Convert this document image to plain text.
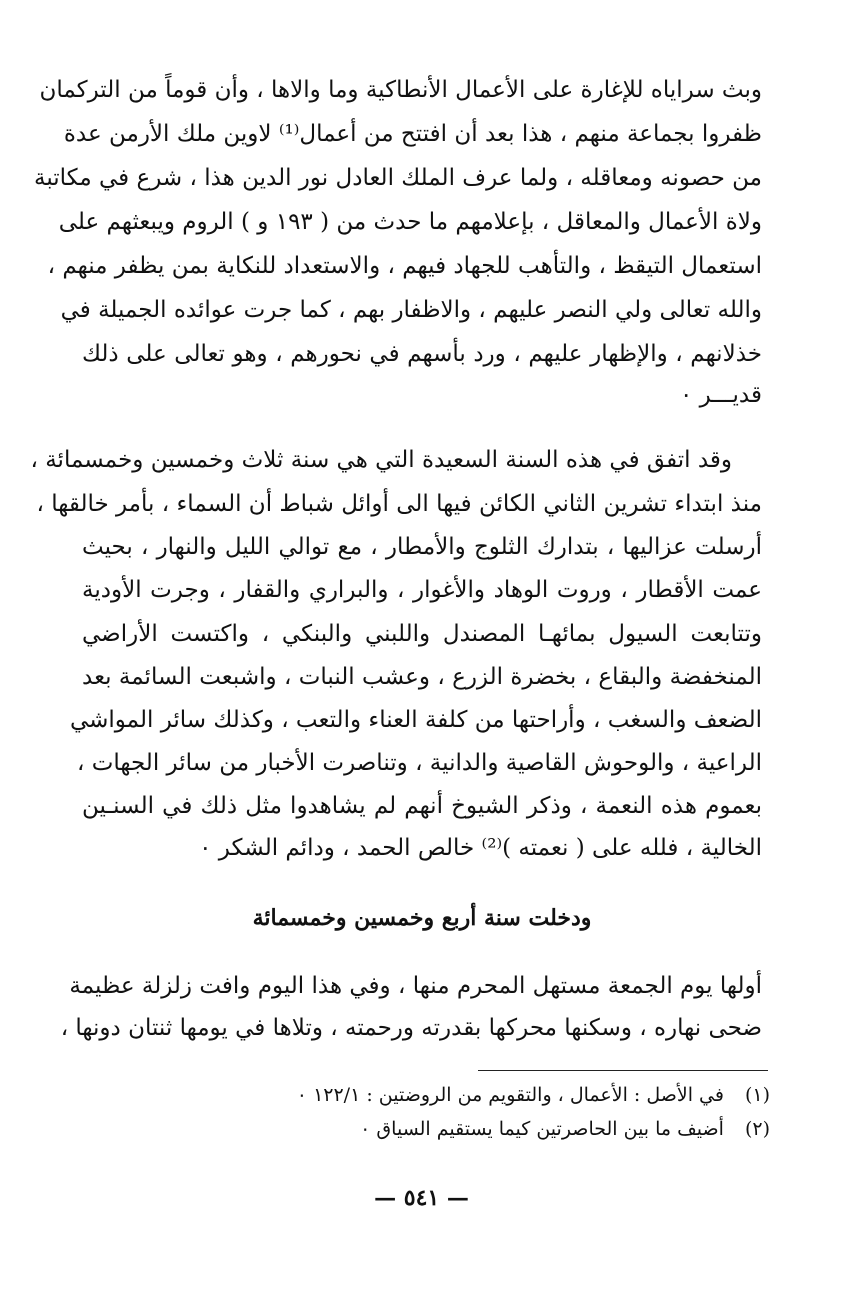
وبث سراياه للإغارة على الأعمال الأنطاكية وما والاها ، وأن قوماً من التركمان
ظفروا بجماعة منهم ، هذا بعد أن افتتح من أعمال⁽¹⁾ لاوين ملك الأرمن عدة
من حصونه ومعاقله ، ولما عرف الملك العادل نور الدين هذا ، شرع في مكاتبة
ولاة الأعمال والمعاقل ، بإعلامهم ما حدث من ( ١٩٣ و ) الروم ويبعثهم على
استعمال التيقظ ، والتأهب للجهاد فيهم ، والاستعداد للنكاية بمن يظفر منهم ،
والله تعالى ولي النصر عليهم ، والاظفار بهم ، كما جرت عوائده الجميلة في
خذلانهم ، والإظهار عليهم ، ورد بأسهم في نحورهم ، وهو تعالى على ذلك
قديـــر ٠
وقد اتفق في هذه السنة السعيدة التي هي سنة ثلاث وخمسين وخمسمائة ،
منذ ابتداء تشرين الثاني الكائن فيها الى أوائل شباط أن السماء ، بأمر خالقها ،
أرسلت عزاليها ، بتدارك الثلوج والأمطار ، مع توالي الليل والنهار ، بحيث
عمت الأقطار ، وروت الوهاد والأغوار ، والبراري والقفار ، وجرت الأودية
وتتابعت السيول بمائهـا المصندل واللبني والبنكي ، واكتست الأراضي
المنخفضة والبقاع ، بخضرة الزرع ، وعشب النبات ، واشبعت السائمة بعد
الضعف والسغب ، وأراحتها من كلفة العناء والتعب ، وكذلك سائر المواشي
الراعية ، والوحوش القاصية والدانية ، وتناصرت الأخبار من سائر الجهات ،
بعموم هذه النعمة ، وذكر الشيوخ أنهم لم يشاهدوا مثل ذلك في السنـين
الخالية ، فلله على ( نعمته )⁽²⁾ خالص الحمد ، ودائم الشكر ٠
ودخلت سنة أربع وخمسين وخمسمائة
أولها يوم الجمعة مستهل المحرم منها ، وفي هذا اليوم وافت زلزلة عظيمة
ضحى نهاره ، وسكنها محركها بقدرته ورحمته ، وتلاها في يومها ثنتان دونها ،
(١) في الأصل : الأعمال ، والتقويم من الروضتين : ١٢٢/١ ٠
(٢) أضيف ما بين الحاصرتين كيما يستقيم السياق ٠
— ٥٤١ —
